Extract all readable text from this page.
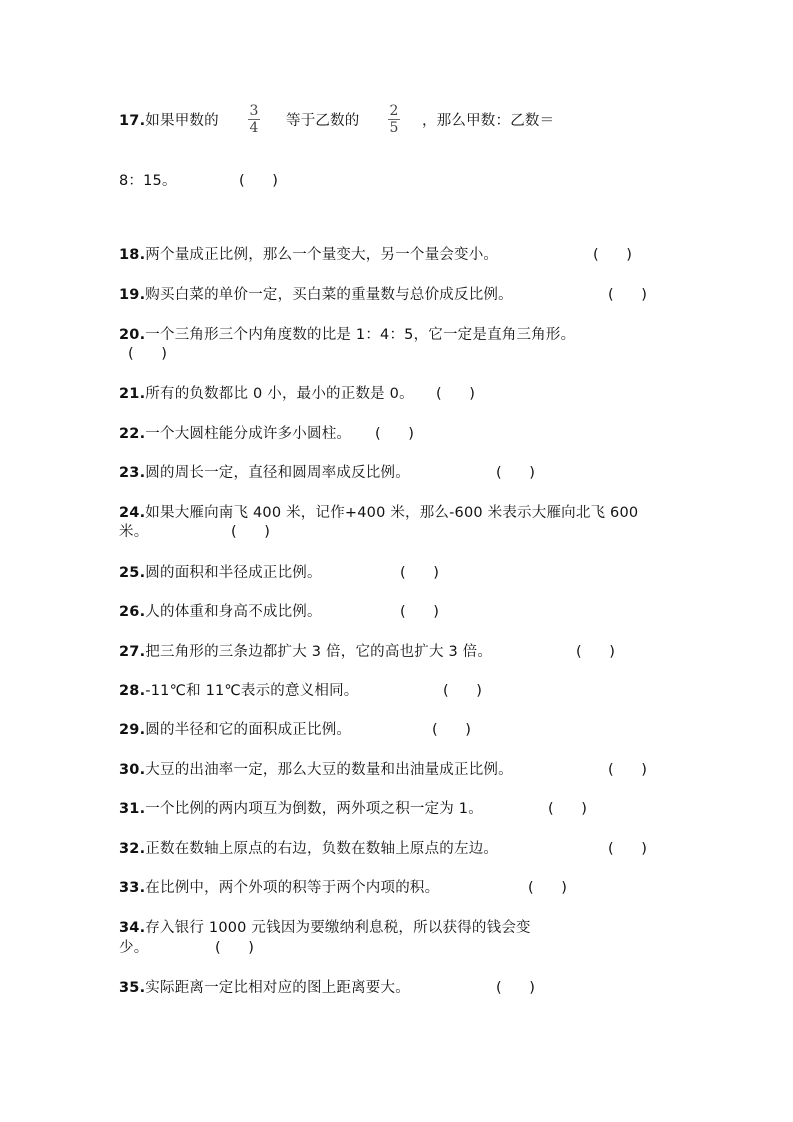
17.如果甲数的
3
4 等于乙数的
2
5 ，那么甲数：乙数＝
8：15。	(      )
18.两个量成正比例，那么一个量变大，另一个量会变小。	(      )
19.购买白菜的单价一定，买白菜的重量数与总价成反比例。	(      )
20.一个三角形三个内角度数的比是 1：4：5，它一定是直角三角形。
(      )
21.所有的负数都比 0 小，最小的正数是 0。 (      )
22.一个大圆柱能分成许多小圆柱。 (      )
23.圆的周长一定，直径和圆周率成反比例。	(      )
24.如果大雁向南飞 400 米，记作+400 米，那么-600 米表示大雁向北飞 600
米。	(      )
25.圆的面积和半径成正比例。	(      )
26.人的体重和身高不成比例。	(      )
27.把三角形的三条边都扩大 3 倍，它的高也扩大 3 倍。	(      )
28.-11℃和 11℃表示的意义相同。	(      )
29.圆的半径和它的面积成正比例。	(      )
30.大豆的出油率一定，那么大豆的数量和出油量成正比例。	(      )
31.一个比例的两内项互为倒数，两外项之积一定为 1。	(      )
32.正数在数轴上原点的右边，负数在数轴上原点的左边。	(      )
33.在比例中，两个外项的积等于两个内项的积。	(      )
34.存入银行 1000 元钱因为要缴纳利息税，所以获得的钱会变
少。	(      )
35.实际距离一定比相对应的图上距离要大。	(      )
